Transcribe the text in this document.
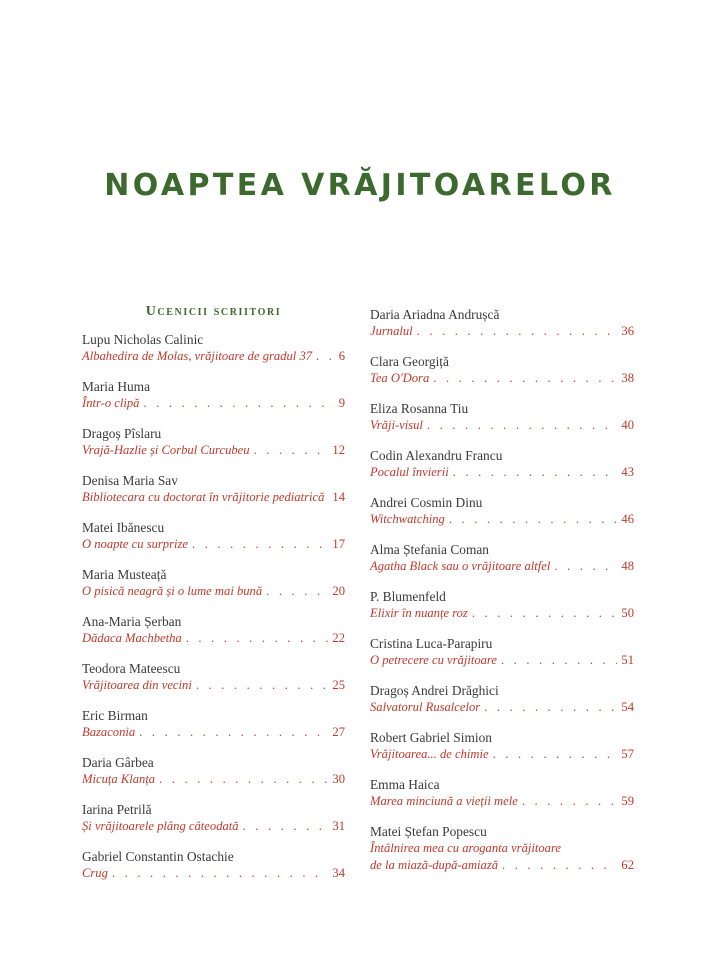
NOAPTEA VRĂJITOARELOR
Ucenicii scriitori
Lupu Nicholas Calinic
Albahedira de Molas, vrăjitoare de gradul 37 . . . 6
Maria Huma
Într-o clipă . . .	9
Dragoș Pîslaru
Vrajă-Hazlie și Corbul Curcubeu . . .	12
Denisa Maria Sav
Bibliotecara cu doctorat în vrăjitorie pediatrică 14
Matei Ibănescu
O noapte cu surprize . . .	17
Maria Musteață
O pisică neagră și o lume mai bună . . .	20
Ana-Maria Șerban
Dădaca Machbetha . . .	22
Teodora Mateescu
Vrăjitoarea din vecini . . .	25
Eric Birman
Bazaconia . . .	27
Daria Gârbea
Micuța Klanța . . .	30
Iarina Petrilă
Și vrăjitoarele plâng câteodată . . .	31
Gabriel Constantin Ostachie
Crug . . .	34
Daria Ariadna Andrușcă
Jurnalul . . .	36
Clara Georgiță
Tea O'Dora . . .	38
Eliza Rosanna Tiu
Vrăji-visul . . .	40
Codin Alexandru Francu
Pocalul învierii . . .	43
Andrei Cosmin Dinu
Witchwatching . . .	46
Alma Ștefania Coman
Agatha Black sau o vrăjitoare altfel . . .	48
P. Blumenfeld
Elixir în nuanțe roz . . .	50
Cristina Luca-Parapiru
O petrecere cu vrăjitoare . . .	51
Dragoș Andrei Drăghici
Salvatorul Rusalcelor . . .	54
Robert Gabriel Simion
Vrăjitoarea... de chimie . . .	57
Emma Haica
Marea minciună a vieții mele . . .	59
Matei Ștefan Popescu
Întâlnirea mea cu aroganta vrăjitoare
de la miază-după-amiază . . .	62
